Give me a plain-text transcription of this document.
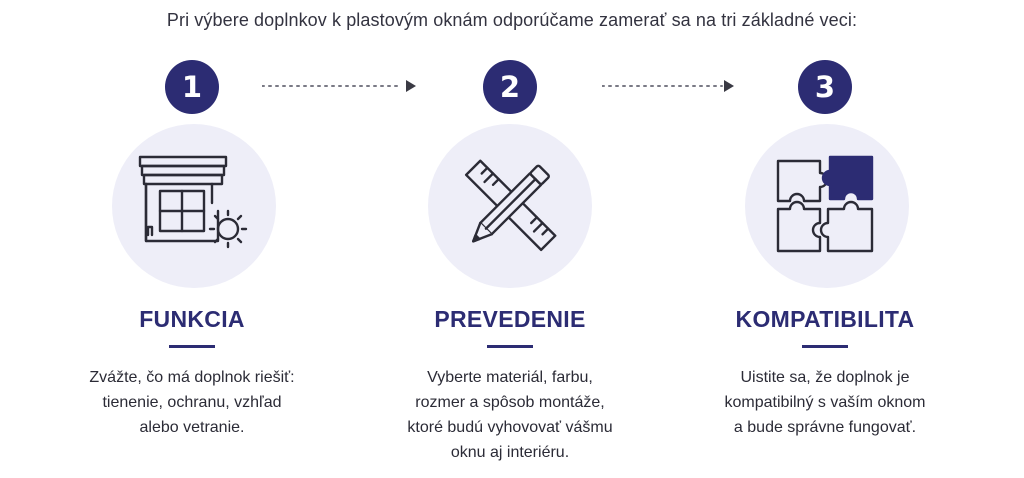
Pri výbere doplnkov k plastovým oknám odporúčame zamerať sa na tri základné veci:
1
FUNKCIA
Zvážte, čo má doplnok riešiť:
tienenie, ochranu, vzhľad
alebo vetranie.
2
PREVEDENIE
Vyberte materiál, farbu,
rozmer a spôsob montáže,
ktoré budú vyhovovať vášmu
oknu aj interiéru.
3
KOMPATIBILITA
Uistite sa, že doplnok je
kompatibilný s vaším oknom
a bude správne fungovať.
